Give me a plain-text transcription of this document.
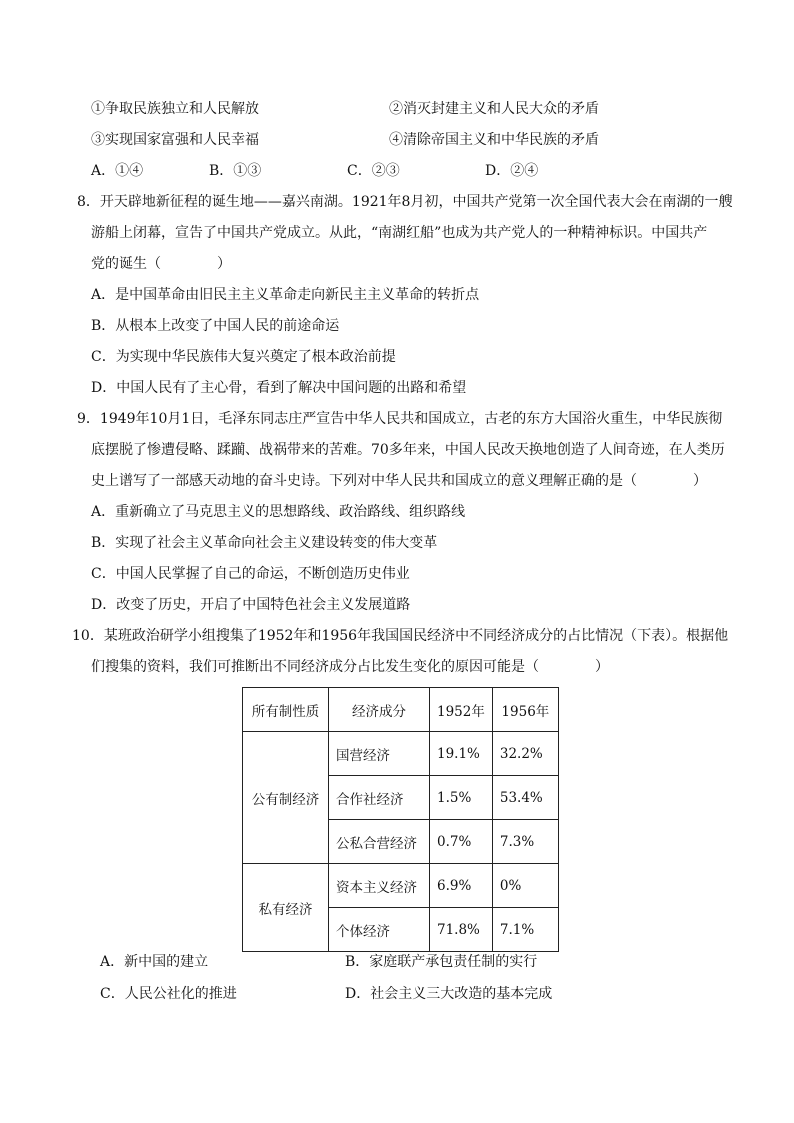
①争取民族独立和人民解放	②消灭封建主义和人民大众的矛盾
③实现国家富强和人民幸福	④清除帝国主义和中华民族的矛盾
A．①④	B．①③	C．②③	D．②④
8．开天辟地新征程的诞生地——嘉兴南湖。1921年8月初，中国共产党第一次全国代表大会在南湖的一艘
游船上闭幕，宣告了中国共产党成立。从此，“南湖红船”也成为共产党人的一种精神标识。中国共产
党的诞生（　　　　）
A．是中国革命由旧民主主义革命走向新民主主义革命的转折点
B．从根本上改变了中国人民的前途命运
C．为实现中华民族伟大复兴奠定了根本政治前提
D．中国人民有了主心骨，看到了解决中国问题的出路和希望
9．1949年10月1日，毛泽东同志庄严宣告中华人民共和国成立，古老的东方大国浴火重生，中华民族彻
底摆脱了惨遭侵略、蹂躏、战祸带来的苦难。70多年来，中国人民改天换地创造了人间奇迹，在人类历
史上谱写了一部感天动地的奋斗史诗。下列对中华人民共和国成立的意义理解正确的是（　　　　）
A．重新确立了马克思主义的思想路线、政治路线、组织路线
B．实现了社会主义革命向社会主义建设转变的伟大变革
C．中国人民掌握了自己的命运，不断创造历史伟业
D．改变了历史，开启了中国特色社会主义发展道路
10．某班政治研学小组搜集了1952年和1956年我国国民经济中不同经济成分的占比情况（下表）。根据他
们搜集的资料，我们可推断出不同经济成分占比发生变化的原因可能是（　　　　）
所有制性质	经济成分	1952年	1956年
公有制经济	国营经济	19.1%	32.2%
	合作社经济	1.5%	53.4%
	公私合营经济	0.7%	7.3%
私有经济	资本主义经济	6.9%	0%
	个体经济	71.8%	7.1%
A．新中国的建立	B．家庭联产承包责任制的实行
C．人民公社化的推进	D．社会主义三大改造的基本完成
